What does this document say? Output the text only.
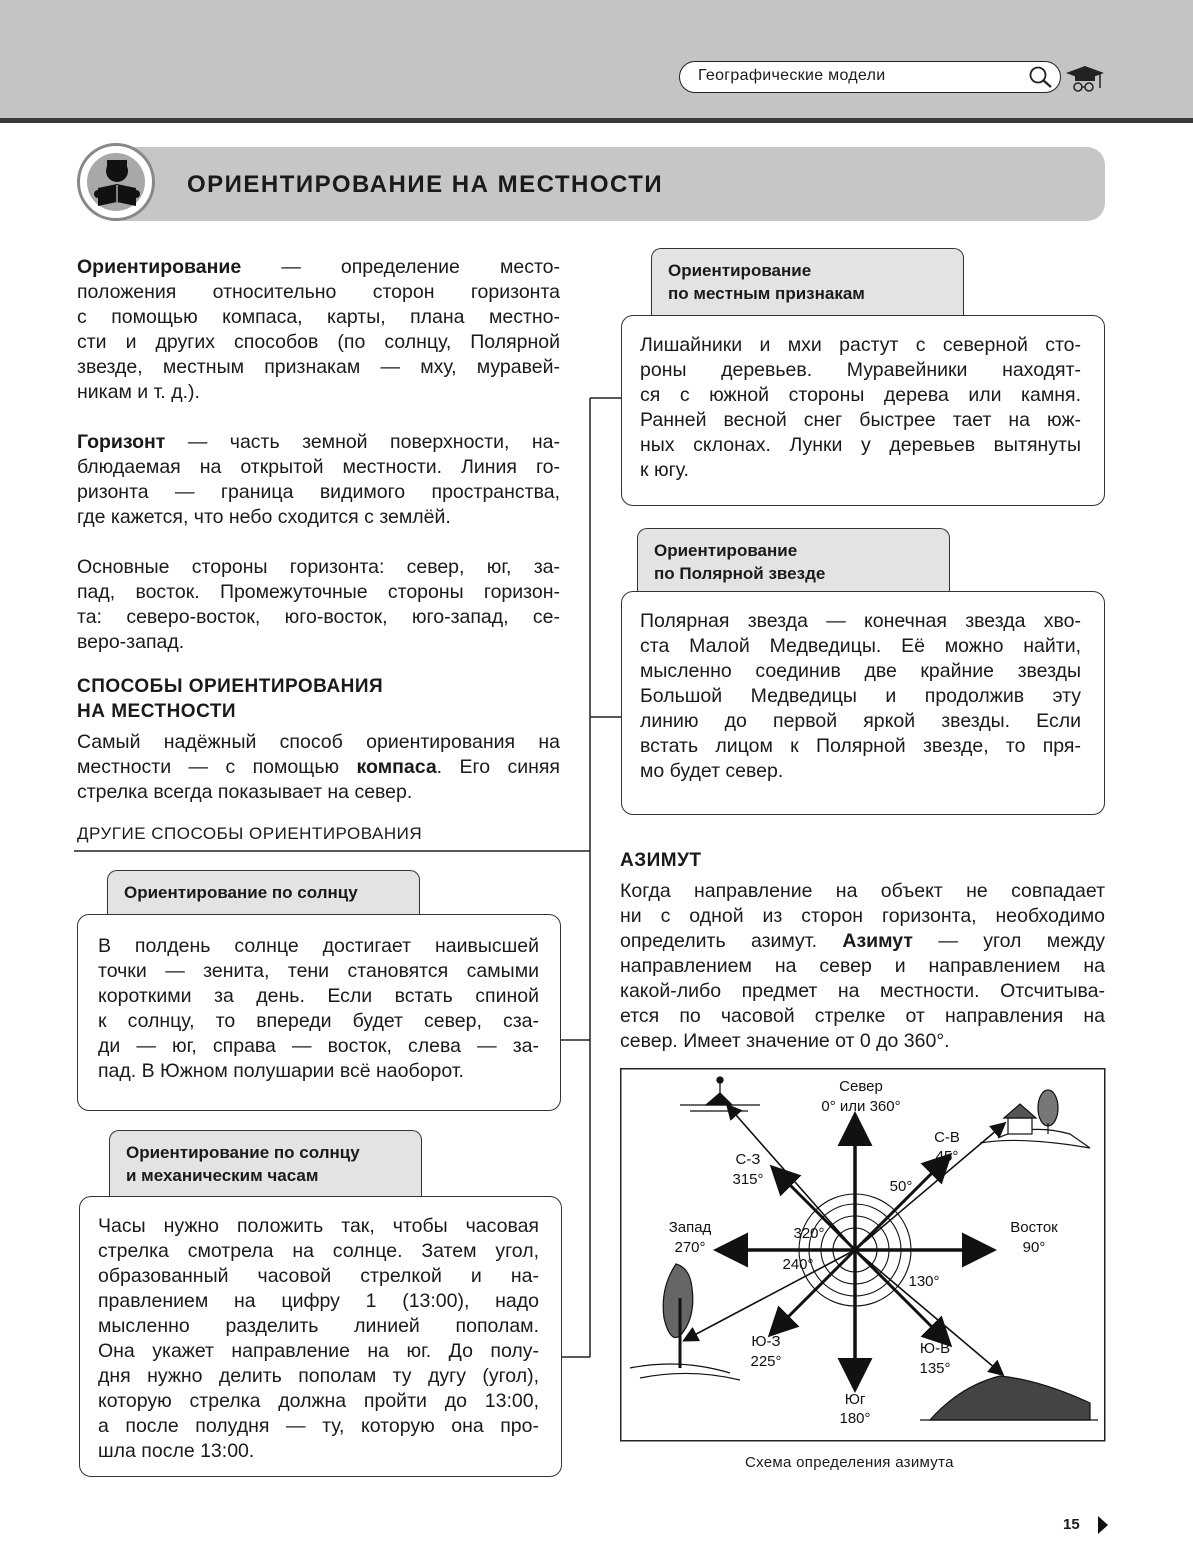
Географические модели
ОРИЕНТИРОВАНИЕ НА МЕСТНОСТИ
Ориентирование — определение место-
положения относительно сторон горизонта
с помощью компаса, карты, плана местно-
сти и других способов (по солнцу, Полярной
звезде, местным признакам — мху, муравей-
никам и т. д.).
Горизонт — часть земной поверхности, на-
блюдаемая на открытой местности. Линия го-
ризонта — граница видимого пространства,
где кажется, что небо сходится с землёй.
Основные стороны горизонта: север, юг, за-
пад, восток. Промежуточные стороны горизон-
та: северо-восток, юго-восток, юго-запад, се-
веро-запад.
СПОСОБЫ ОРИЕНТИРОВАНИЯ
НА МЕСТНОСТИ
Самый надёжный способ ориентирования на
местности — с помощью компаса. Его синяя
стрелка всегда показывает на север.
ДРУГИЕ СПОСОБЫ ОРИЕНТИРОВАНИЯ
Ориентирование по солнцу
В полдень солнце достигает наивысшей
точки — зенита, тени становятся самыми
короткими за день. Если встать спиной
к солнцу, то впереди будет север, сза-
ди — юг, справа — восток, слева — за-
пад. В Южном полушарии всё наоборот.
Ориентирование по солнцу
и механическим часам
Часы нужно положить так, чтобы часовая
стрелка смотрела на солнце. Затем угол,
образованный часовой стрелкой и на-
правлением на цифру 1 (13:00), надо
мысленно разделить линией пополам.
Она укажет направление на юг. До полу-
дня нужно делить пополам ту дугу (угол),
которую стрелка должна пройти до 13:00,
а после полудня — ту, которую она про-
шла после 13:00.
Ориентирование
по местным признакам
Лишайники и мхи растут с северной сто-
роны деревьев. Муравейники находят-
ся с южной стороны дерева или камня.
Ранней весной снег быстрее тает на юж-
ных склонах. Лунки у деревьев вытянуты
к югу.
Ориентирование
по Полярной звезде
Полярная звезда — конечная звезда хво-
ста Малой Медведицы. Её можно найти,
мысленно соединив две крайние звезды
Большой Медведицы и продолжив эту
линию до первой яркой звезды. Если
встать лицом к Полярной звезде, то пря-
мо будет север.
АЗИМУТ
Когда направление на объект не совпадает
ни с одной из сторон горизонта, необходимо
определить азимут. Азимут — угол между
направлением на север и направлением на
какой-либо предмет на местности. Отсчитыва-
ется по часовой стрелке от направления на
север. Имеет значение от 0 до 360°.
Север
0° или 360°
С-В
45°
С-З
315°
Запад
270°
Восток
90°
Ю-З
225°
Ю-В
135°
Юг
180°
50°
320°
240°
130°
Схема определения азимута
15
